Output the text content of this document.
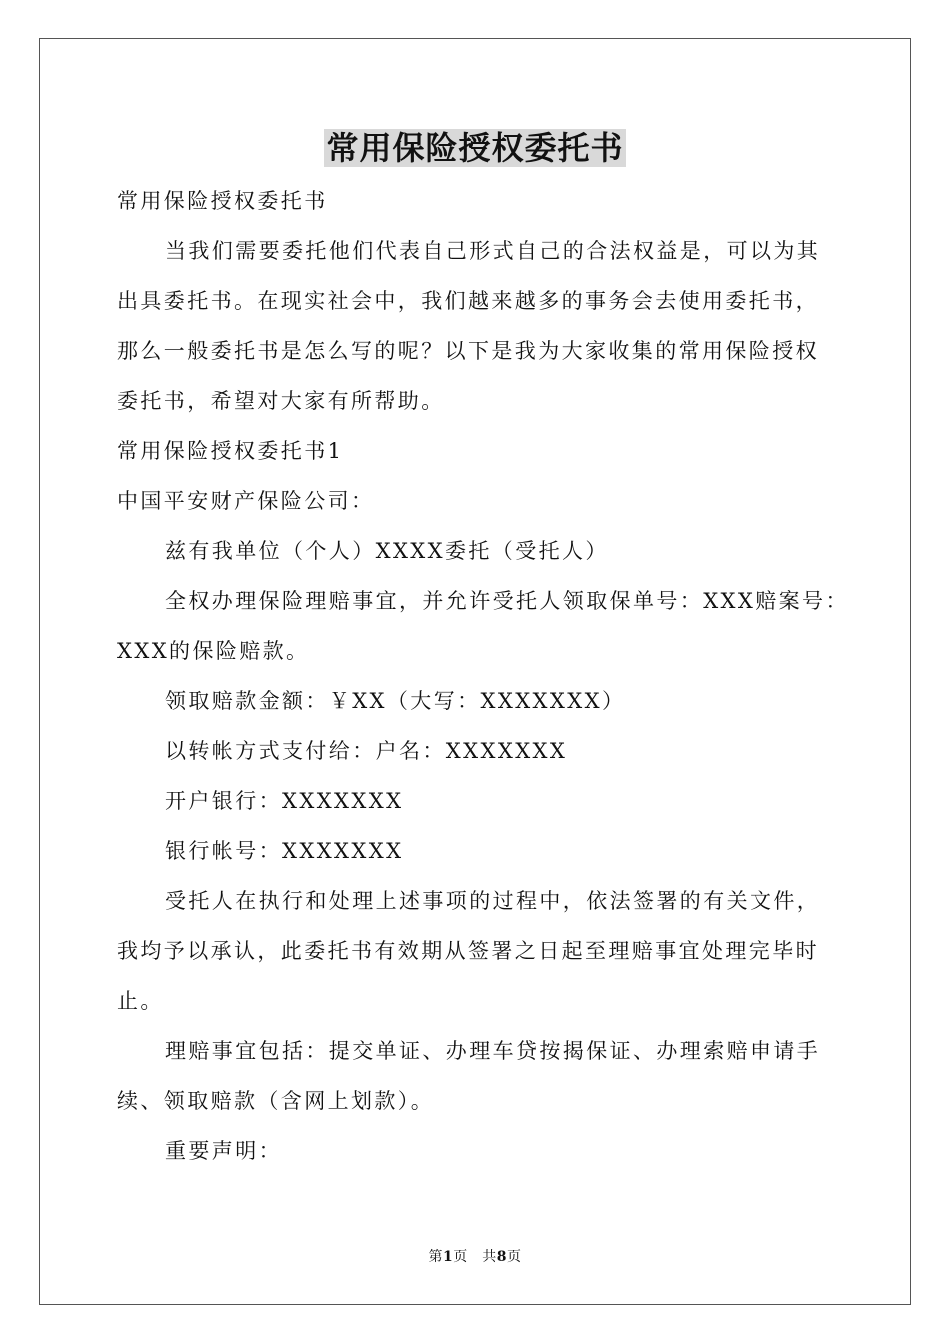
常用保险授权委托书

常用保险授权委托书

当我们需要委托他们代表自己形式自己的合法权益是，可以为其

出具委托书。在现实社会中，我们越来越多的事务会去使用委托书，

那么一般委托书是怎么写的呢？以下是我为大家收集的常用保险授权

委托书，希望对大家有所帮助。

常用保险授权委托书1

中国平安财产保险公司：

兹有我单位（个人）XXXX委托（受托人）

全权办理保险理赔事宜，并允许受托人领取保单号：XXX赔案号：

XXX的保险赔款。

领取赔款金额：￥XX（大写：XXXXXXX）

以转帐方式支付给：户名：XXXXXXX

开户银行：XXXXXXX

银行帐号：XXXXXXX

受托人在执行和处理上述事项的过程中，依法签署的有关文件，

我均予以承认，此委托书有效期从签署之日起至理赔事宜处理完毕时

止。

理赔事宜包括：提交单证、办理车贷按揭保证、办理索赔申请手

续、领取赔款（含网上划款）。

重要声明：

第1页　共8页
